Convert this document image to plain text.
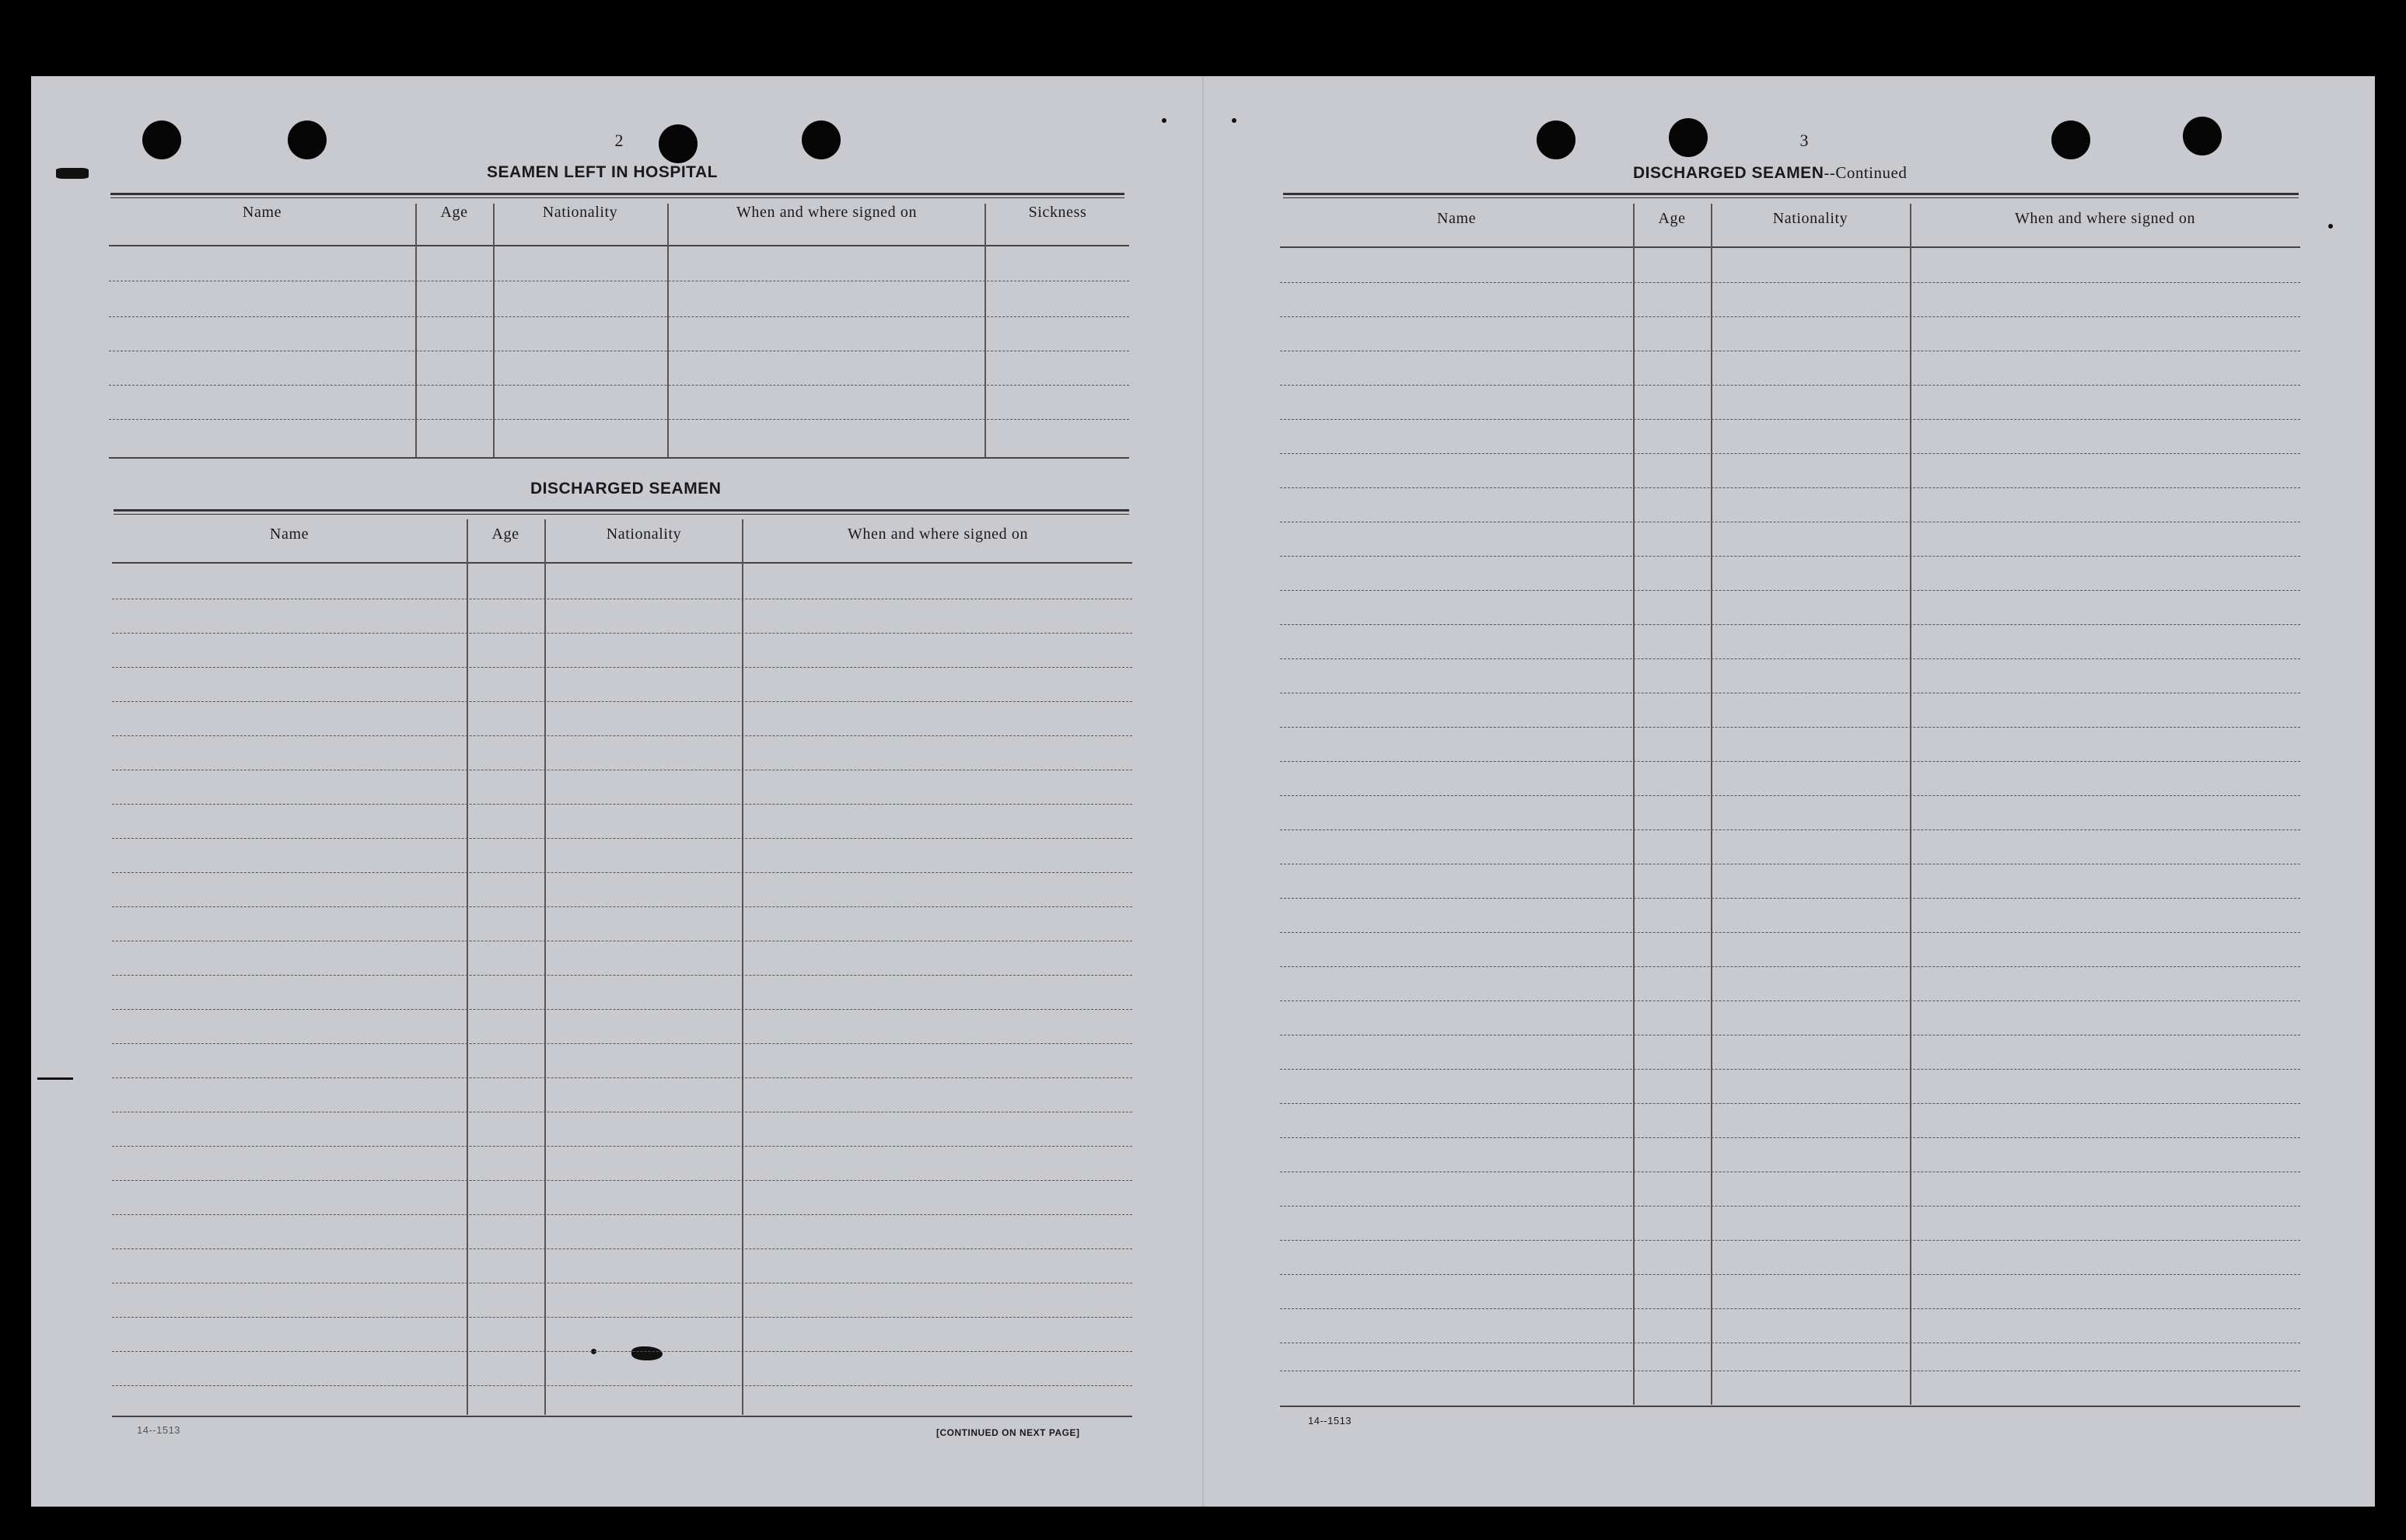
2
SEAMEN LEFT IN HOSPITAL
Name	Age	Nationality	When and where signed on	Sickness
DISCHARGED SEAMEN
Name	Age	Nationality	When and where signed on
14--1513	[CONTINUED ON NEXT PAGE]
3
DISCHARGED SEAMEN--Continued
Name	Age	Nationality	When and where signed on
14--1513
